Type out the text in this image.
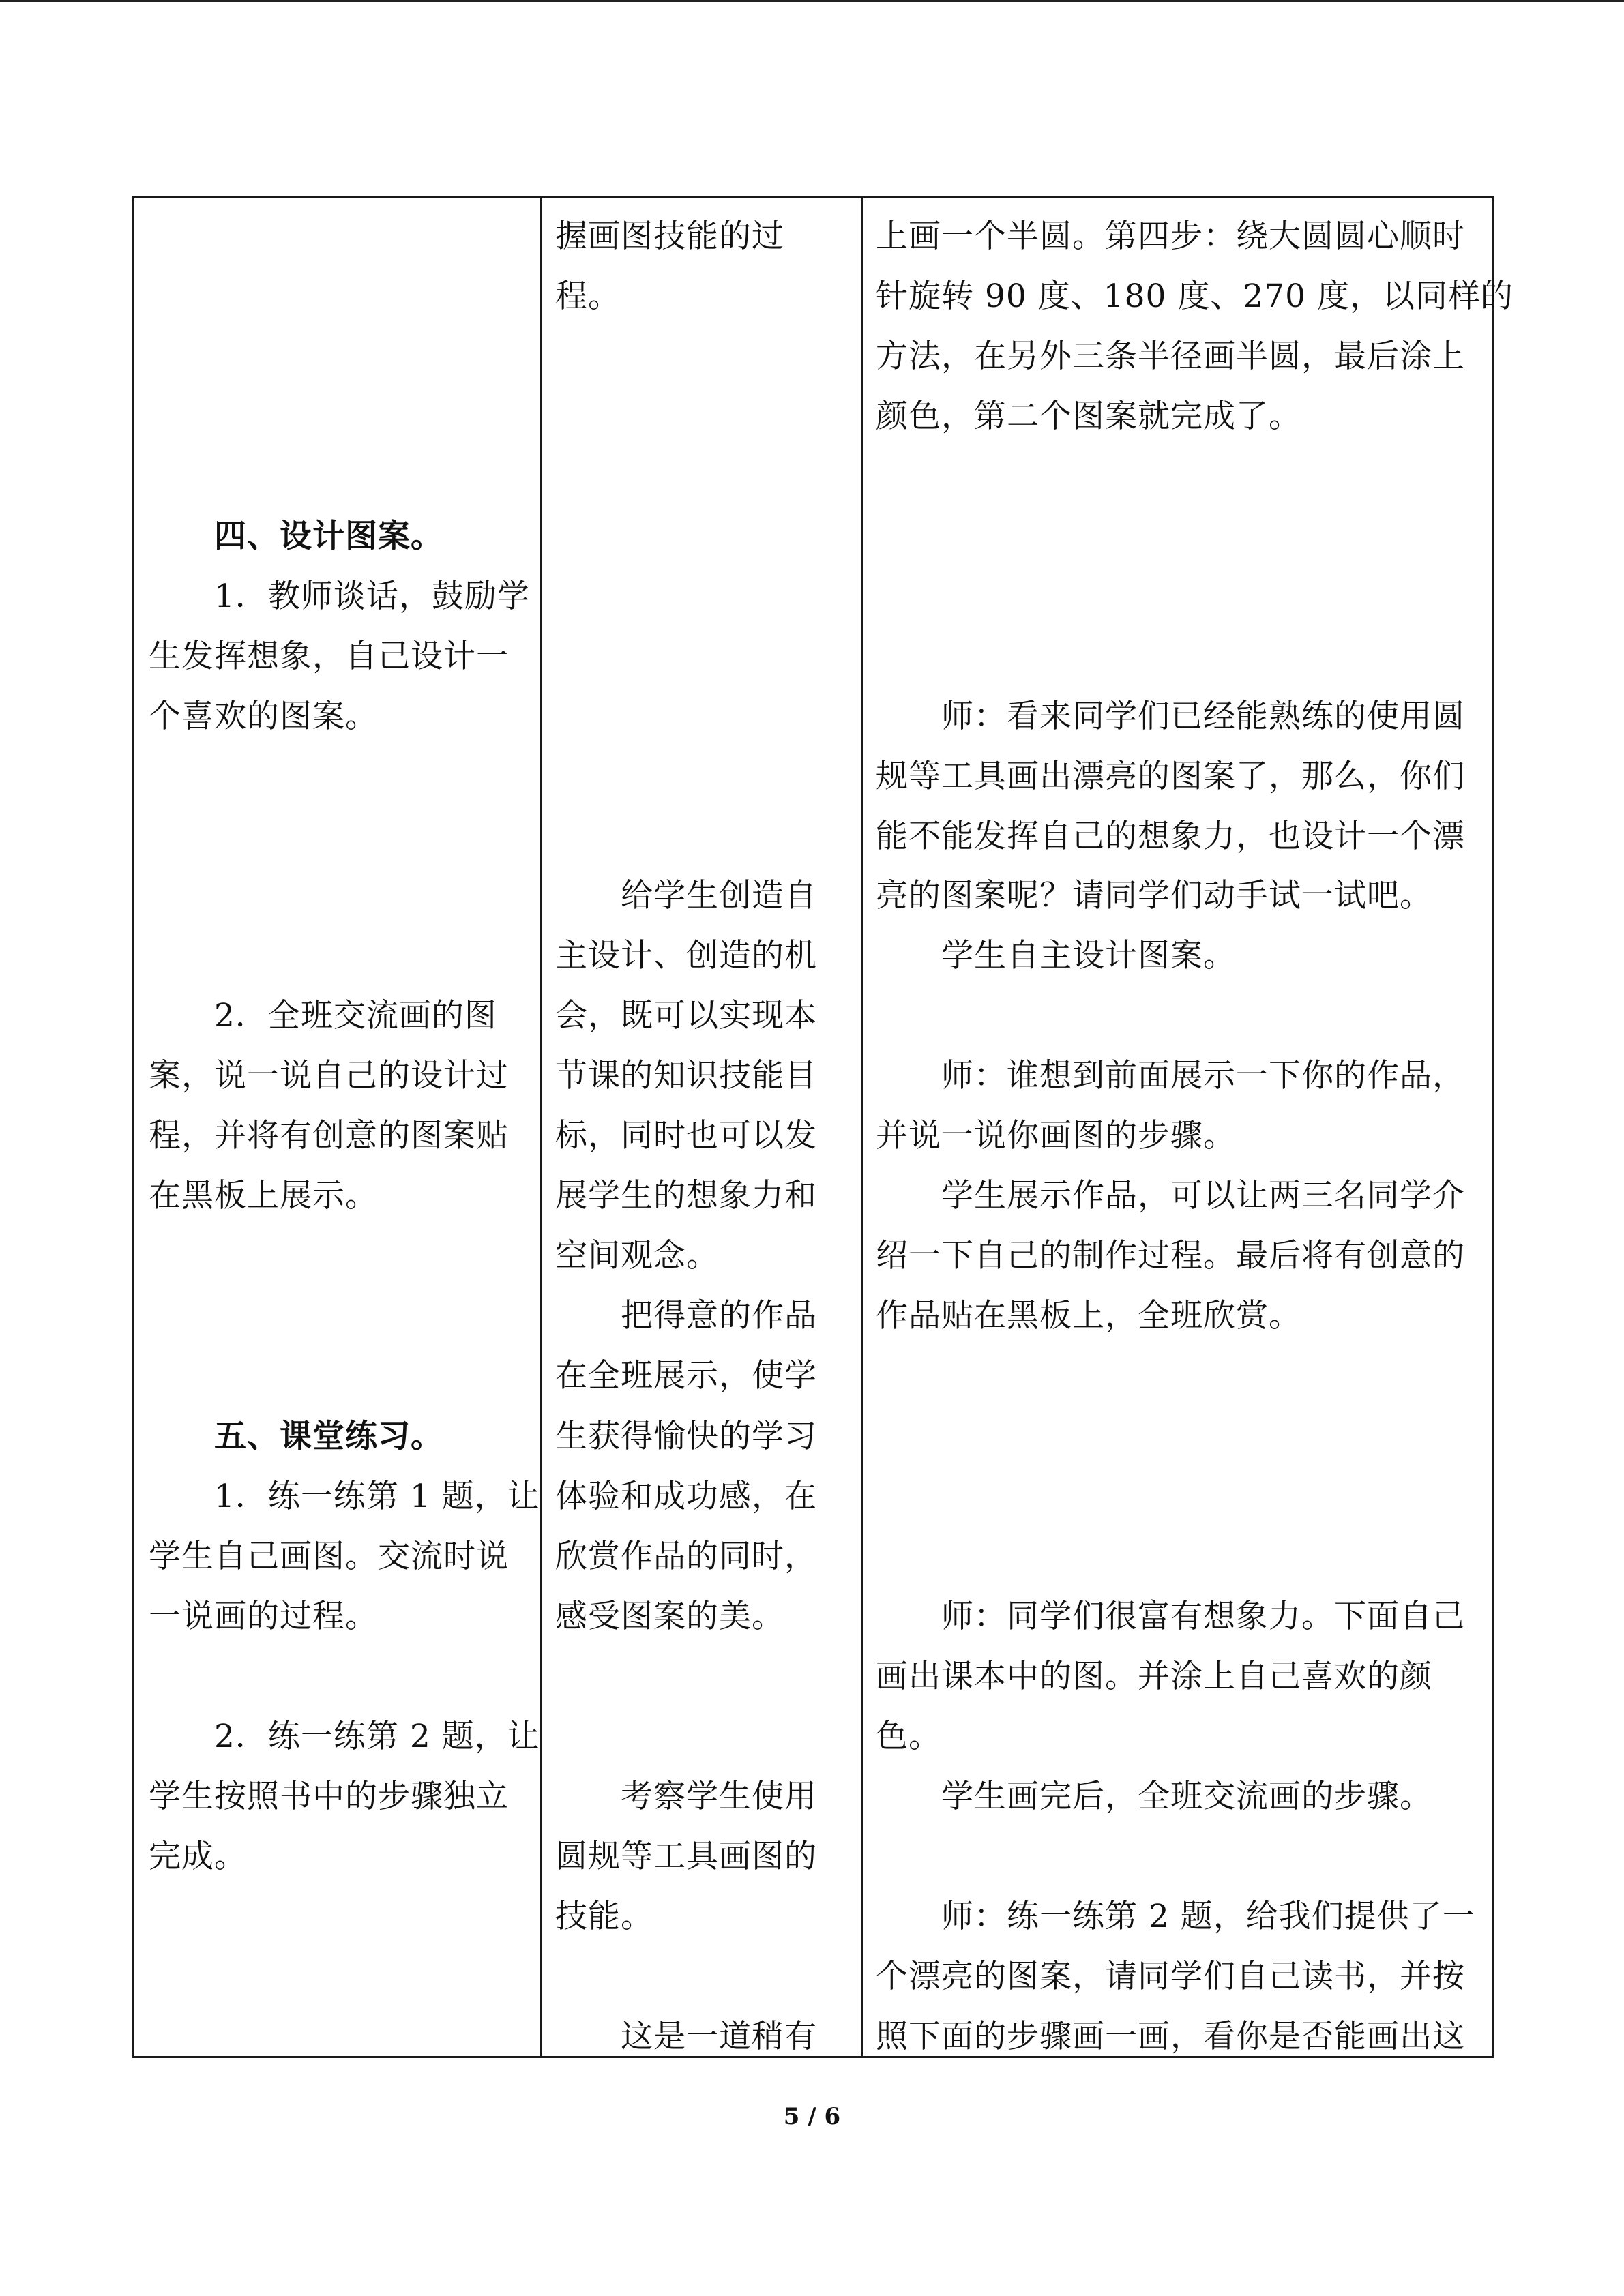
四、设计图案。
1．教师谈话，鼓励学
生发挥想象，自己设计一
个喜欢的图案。
2．全班交流画的图
案，说一说自己的设计过
程，并将有创意的图案贴
在黑板上展示。
五、课堂练习。
1．练一练第 1 题，让
学生自己画图。交流时说
一说画的过程。
2．练一练第 2 题，让
学生按照书中的步骤独立
完成。
握画图技能的过
程。
给学生创造自
主设计、创造的机
会，既可以实现本
节课的知识技能目
标，同时也可以发
展学生的想象力和
空间观念。
把得意的作品
在全班展示，使学
生获得愉快的学习
体验和成功感，在
欣赏作品的同时，
感受图案的美。
考察学生使用
圆规等工具画图的
技能。
这是一道稍有
上画一个半圆。第四步：绕大圆圆心顺时
针旋转 90 度、180 度、270 度，以同样的
方法，在另外三条半径画半圆，最后涂上
颜色，第二个图案就完成了。
师：看来同学们已经能熟练的使用圆
规等工具画出漂亮的图案了，那么，你们
能不能发挥自己的想象力，也设计一个漂
亮的图案呢？请同学们动手试一试吧。
学生自主设计图案。
师：谁想到前面展示一下你的作品，
并说一说你画图的步骤。
学生展示作品，可以让两三名同学介
绍一下自己的制作过程。最后将有创意的
作品贴在黑板上，全班欣赏。
师：同学们很富有想象力。下面自己
画出课本中的图。并涂上自己喜欢的颜
色。
学生画完后，全班交流画的步骤。
师：练一练第 2 题，给我们提供了一
个漂亮的图案，请同学们自己读书，并按
照下面的步骤画一画，看你是否能画出这
5 / 6
